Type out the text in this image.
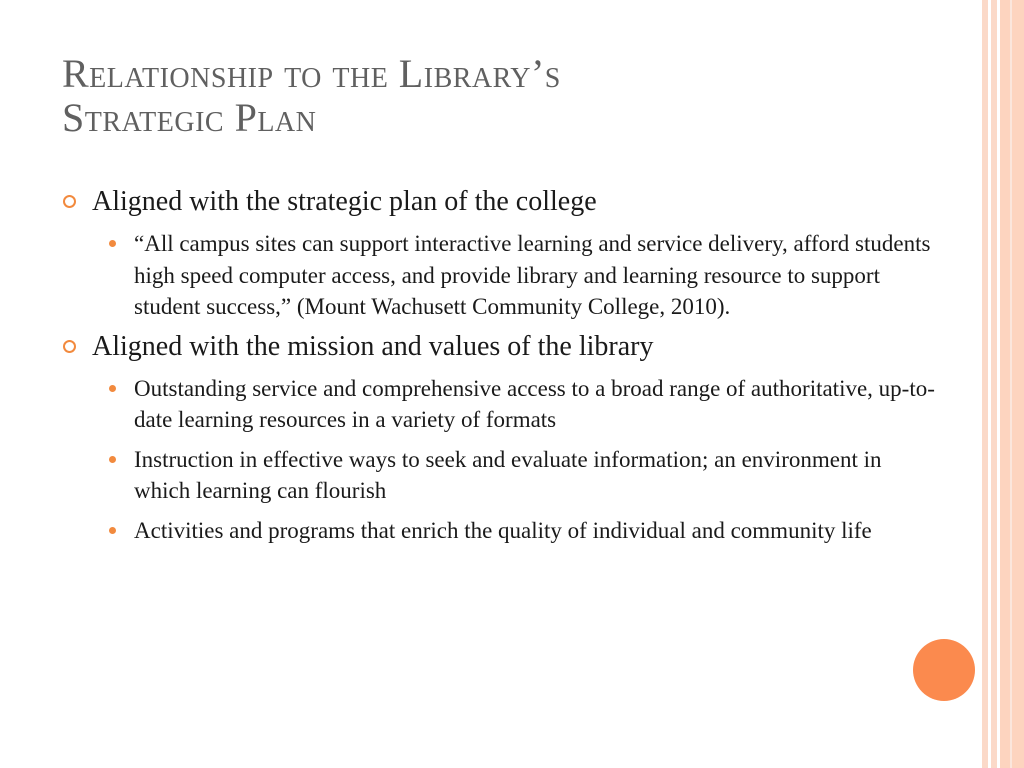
Relationship to the Library’s
Strategic Plan

Aligned with the strategic plan of the college

“All campus sites can support interactive learning and service delivery, afford students high speed computer access, and provide library and learning resource to support student success,” (Mount Wachusett Community College, 2010).

Aligned with the mission and values of the library

Outstanding service and comprehensive access to a broad range of authoritative, up-to-date learning resources in a variety of formats

Instruction in effective ways to seek and evaluate information; an environment in which learning can flourish

Activities and programs that enrich the quality of individual and community life
